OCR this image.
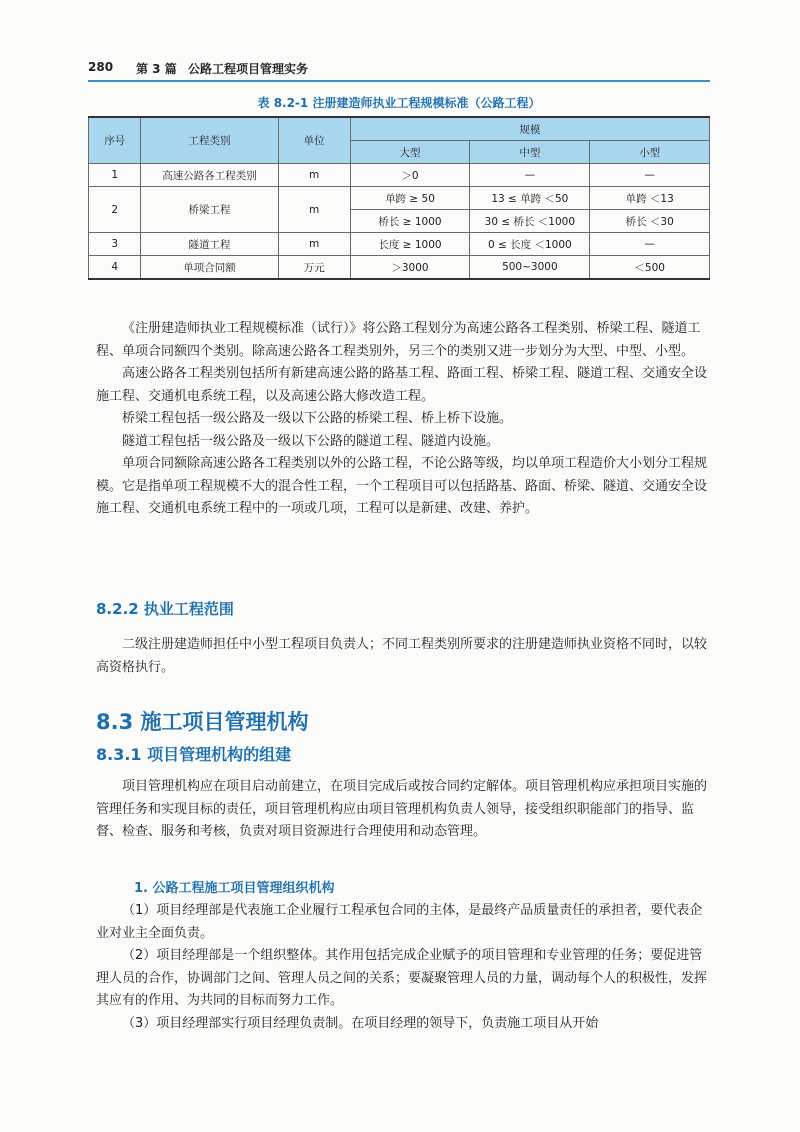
280 第 3 篇 公路工程项目管理实务
表 8.2-1 注册建造师执业工程规模标准（公路工程）
序号	工程类别	单位	规模		
			大型	中型	小型
1	高速公路各工程类别	m	＞0	—	—
2	桥梁工程	m	单跨 ≥ 50	13 ≤ 单跨 ＜50	单跨 ＜13
			桥长 ≥ 1000	30 ≤ 桥长 ＜1000	桥长 ＜30
3	隧道工程	m	长度 ≥ 1000	0 ≤ 长度 ＜1000	—
4	单项合同额	万元	＞3000	500~3000	＜500

《注册建造师执业工程规模标准（试行）》将公路工程划分为高速公路各工程类别、桥梁工程、隧道工程、单项合同额四个类别。除高速公路各工程类别外，另三个的类别又进一步划分为大型、中型、小型。

高速公路各工程类别包括所有新建高速公路的路基工程、路面工程、桥梁工程、隧道工程、交通安全设施工程、交通机电系统工程，以及高速公路大修改造工程。

桥梁工程包括一级公路及一级以下公路的桥梁工程、桥上桥下设施。

隧道工程包括一级公路及一级以下公路的隧道工程、隧道内设施。

单项合同额除高速公路各工程类别以外的公路工程，不论公路等级，均以单项工程造价大小划分工程规模。它是指单项工程规模不大的混合性工程，一个工程项目可以包括路基、路面、桥梁、隧道、交通安全设施工程、交通机电系统工程中的一项或几项，工程可以是新建、改建、养护。

8.2.2 执业工程范围

二级注册建造师担任中小型工程项目负责人；不同工程类别所要求的注册建造师执业资格不同时，以较高资格执行。

8.3 施工项目管理机构
8.3.1 项目管理机构的组建

项目管理机构应在项目启动前建立，在项目完成后或按合同约定解体。项目管理机构应承担项目实施的管理任务和实现目标的责任，项目管理机构应由项目管理机构负责人领导，接受组织职能部门的指导、监督、检查、服务和考核，负责对项目资源进行合理使用和动态管理。

1. 公路工程施工项目管理组织机构

（1）项目经理部是代表施工企业履行工程承包合同的主体，是最终产品质量责任的承担者，要代表企业对业主全面负责。

（2）项目经理部是一个组织整体。其作用包括完成企业赋予的项目管理和专业管理的任务；要促进管理人员的合作，协调部门之间、管理人员之间的关系；要凝聚管理人员的力量，调动每个人的积极性，发挥其应有的作用、为共同的目标而努力工作。

（3）项目经理部实行项目经理负责制。在项目经理的领导下，负责施工项目从开始
